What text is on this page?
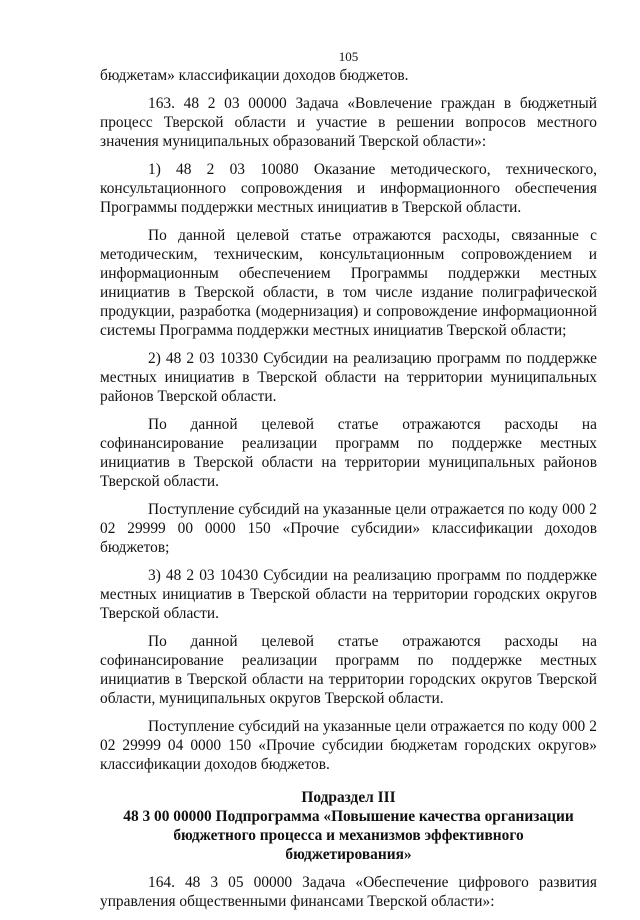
105

бюджетам» классификации доходов бюджетов.

163. 48 2 03 00000 Задача «Вовлечение граждан в бюджетный процесс Тверской области и участие в решении вопросов местного значения муниципальных образований Тверской области»:

1) 48 2 03 10080 Оказание методического, технического, консультационного сопровождения и информационного обеспечения Программы поддержки местных инициатив в Тверской области.

По данной целевой статье отражаются расходы, связанные с методическим, техническим, консультационным сопровождением и информационным обеспечением Программы поддержки местных инициатив в Тверской области, в том числе издание полиграфической продукции, разработка (модернизация) и сопровождение информационной системы Программа поддержки местных инициатив Тверской области;

2) 48 2 03 10330 Субсидии на реализацию программ по поддержке местных инициатив в Тверской области на территории муниципальных районов Тверской области.

По данной целевой статье отражаются расходы на софинансирование реализации программ по поддержке местных инициатив в Тверской области на территории муниципальных районов Тверской области.

Поступление субсидий на указанные цели отражается по коду 000 2 02 29999 00 0000 150 «Прочие субсидии» классификации доходов бюджетов;

3) 48 2 03 10430 Субсидии на реализацию программ по поддержке местных инициатив в Тверской области на территории городских округов Тверской области.

По данной целевой статье отражаются расходы на софинансирование реализации программ по поддержке местных инициатив в Тверской области на территории городских округов Тверской области, муниципальных округов Тверской области.

Поступление субсидий на указанные цели отражается по коду 000 2 02 29999 04 0000 150 «Прочие субсидии бюджетам городских округов» классификации доходов бюджетов.

Подраздел III
48 3 00 00000 Подпрограмма «Повышение качества организации
бюджетного процесса и механизмов эффективного
бюджетирования»

164. 48 3 05 00000 Задача «Обеспечение цифрового развития управления общественными финансами Тверской области»:
